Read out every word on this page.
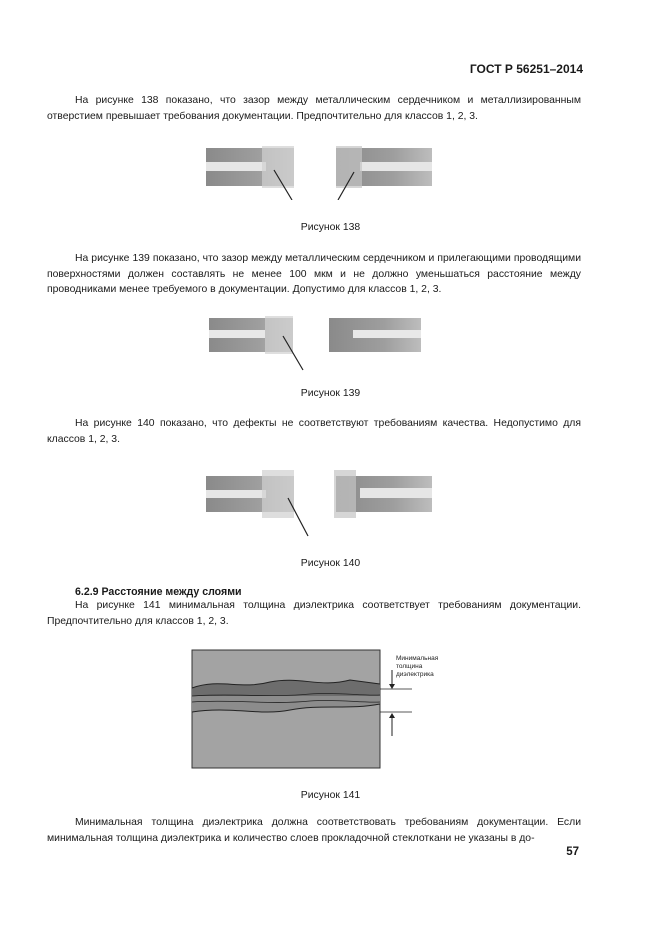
ГОСТ Р 56251–2014
На рисунке 138 показано, что зазор между металлическим сердечником и металлизированным отверстием превышает требования документации. Предпочтительно для классов 1, 2, 3.
Рисунок 138
На рисунке 139 показано, что зазор между металлическим сердечником и прилегающими проводящими поверхностями должен составлять не менее 100 мкм и не должно уменьшаться расстояние между проводниками менее требуемого в документации. Допустимо для классов 1, 2, 3.
Рисунок 139
На рисунке 140 показано, что дефекты не соответствуют требованиям качества. Недопустимо для классов 1, 2, 3.
Рисунок 140
6.2.9 Расстояние между слоями
На рисунке 141 минимальная толщина диэлектрика соответствует требованиям документации. Предпочтительно для классов 1, 2, 3.
Минимальная
толщина
диэлектрика
Рисунок 141
Минимальная толщина диэлектрика должна соответствовать требованиям документации. Если минимальная толщина диэлектрика и количество слоев прокладочной стеклоткани не указаны в до-
57
